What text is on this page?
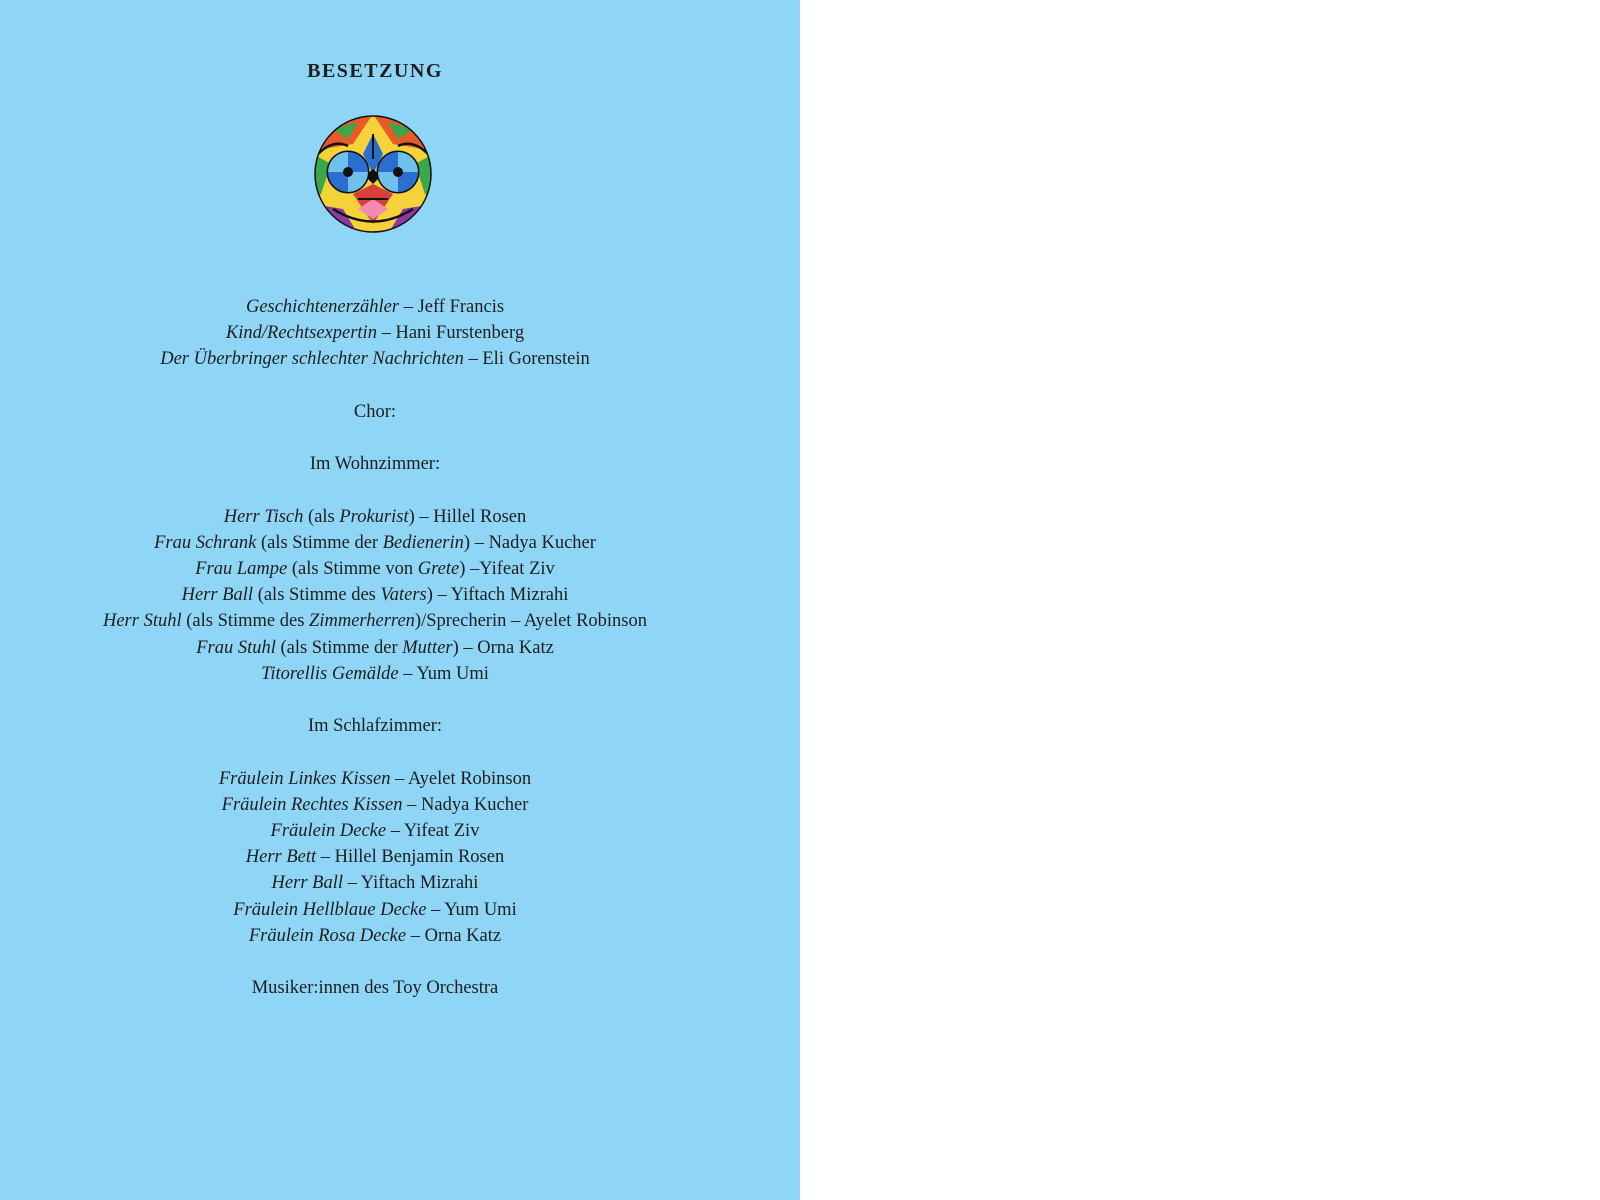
BESETZUNG
Geschichtenerzähler – Jeff Francis
Kind/Rechtsexpertin – Hani Furstenberg
Der Überbringer schlechter Nachrichten – Eli Gorenstein
Chor:
Im Wohnzimmer:
Herr Tisch (als Prokurist) – Hillel Rosen
Frau Schrank (als Stimme der Bedienerin) – Nadya Kucher
Frau Lampe (als Stimme von Grete) –Yifeat Ziv
Herr Ball (als Stimme des Vaters) – Yiftach Mizrahi
Herr Stuhl (als Stimme des Zimmerherren)/Sprecherin – Ayelet Robinson
Frau Stuhl (als Stimme der Mutter) – Orna Katz
Titorellis Gemälde – Yum Umi
Im Schlafzimmer:
Fräulein Linkes Kissen – Ayelet Robinson
Fräulein Rechtes Kissen – Nadya Kucher
Fräulein Decke – Yifeat Ziv
Herr Bett – Hillel Benjamin Rosen
Herr Ball – Yiftach Mizrahi
Fräulein Hellblaue Decke – Yum Umi
Fräulein Rosa Decke – Orna Katz
Musiker:innen des Toy Orchestra
